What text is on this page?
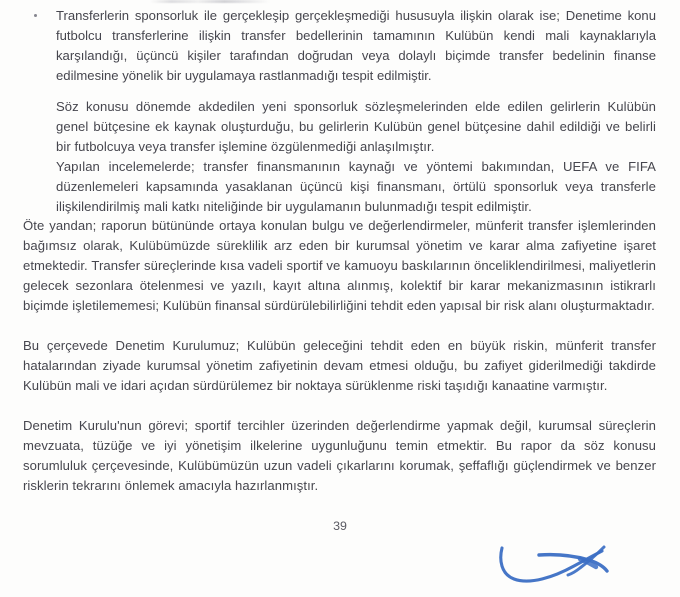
Transferlerin sponsorluk ile gerçekleşip gerçekleşmediği hususuyla ilişkin olarak ise; Denetime konu futbolcu transferlerine ilişkin transfer bedellerinin tamamının Kulübün kendi mali kaynaklarıyla karşılandığı, üçüncü kişiler tarafından doğrudan veya dolaylı biçimde transfer bedelinin finanse edilmesine yönelik bir uygulamaya rastlanmadığı tespit edilmiştir.
Söz konusu dönemde akdedilen yeni sponsorluk sözleşmelerinden elde edilen gelirlerin Kulübün genel bütçesine ek kaynak oluşturduğu, bu gelirlerin Kulübün genel bütçesine dahil edildiği ve belirli bir futbolcuya veya transfer işlemine özgülenmediği anlaşılmıştır.
Yapılan incelemelerde; transfer finansmanının kaynağı ve yöntemi bakımından, UEFA ve FIFA düzenlemeleri kapsamında yasaklanan üçüncü kişi finansmanı, örtülü sponsorluk veya transferle ilişkilendirilmiş mali katkı niteliğinde bir uygulamanın bulunmadığı tespit edilmiştir.
Öte yandan; raporun bütününde ortaya konulan bulgu ve değerlendirmeler, münferit transfer işlemlerinden bağımsız olarak, Kulübümüzde süreklilik arz eden bir kurumsal yönetim ve karar alma zafiyetine işaret etmektedir. Transfer süreçlerinde kısa vadeli sportif ve kamuoyu baskılarının önceliklendirilmesi, maliyetlerin gelecek sezonlara ötelenmesi ve yazılı, kayıt altına alınmış, kolektif bir karar mekanizmasının istikrarlı biçimde işletilememesi; Kulübün finansal sürdürülebilirliğini tehdit eden yapısal bir risk alanı oluşturmaktadır.
Bu çerçevede Denetim Kurulumuz; Kulübün geleceğini tehdit eden en büyük riskin, münferit transfer hatalarından ziyade kurumsal yönetim zafiyetinin devam etmesi olduğu, bu zafiyet giderilmediği takdirde Kulübün mali ve idari açıdan sürdürülemez bir noktaya sürüklenme riski taşıdığı kanaatine varmıştır.
Denetim Kurulu'nun görevi; sportif tercihler üzerinden değerlendirme yapmak değil, kurumsal süreçlerin mevzuata, tüzüğe ve iyi yönetişim ilkelerine uygunluğunu temin etmektir. Bu rapor da söz konusu sorumluluk çerçevesinde, Kulübümüzün uzun vadeli çıkarlarını korumak, şeffaflığı güçlendirmek ve benzer risklerin tekrarını önlemek amacıyla hazırlanmıştır.
39
